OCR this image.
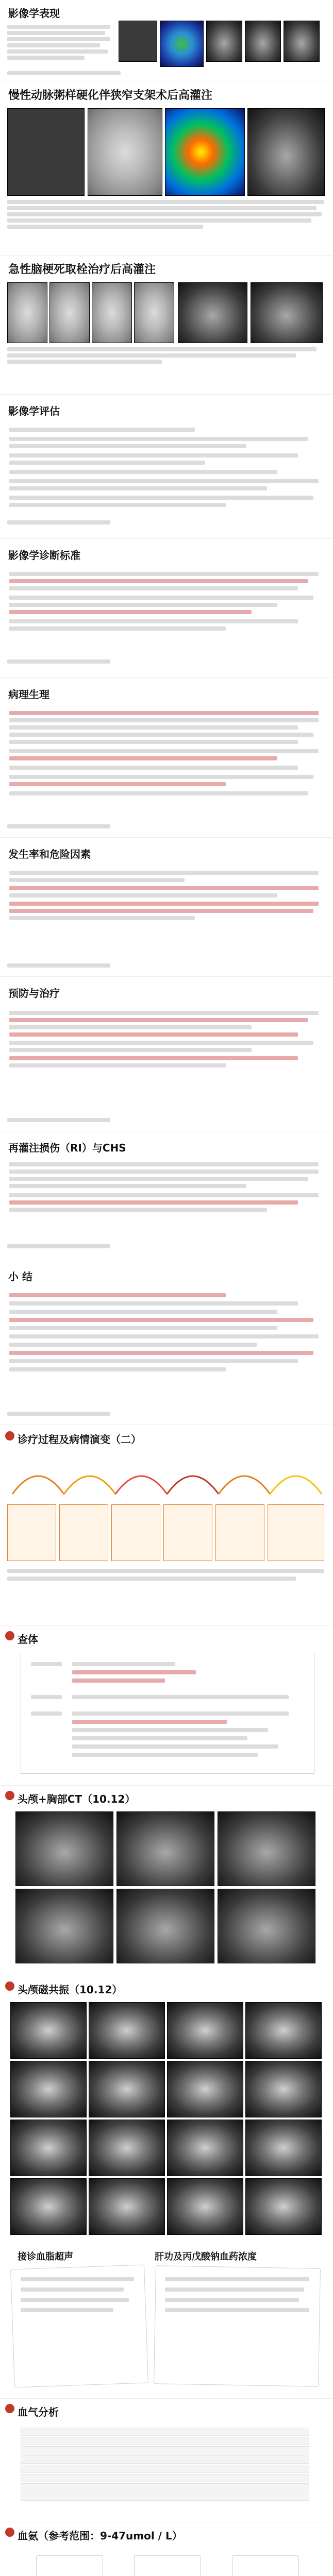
影像学表现
慢性动脉粥样硬化伴狭窄支架术后高灌注
急性脑梗死取栓治疗后高灌注
影像学评估
影像学诊断标准
病理生理
发生率和危险因素
预防与治疗
再灌注损伤（RI）与CHS
小 结
诊疗过程及病情演变（二）
查体
头颅+胸部CT（10.12）
头颅磁共振（10.12）
接诊血脂超声	肝功及丙戊酸钠血药浓度
血气分析
血氨（参考范围：9-47umol / L）
